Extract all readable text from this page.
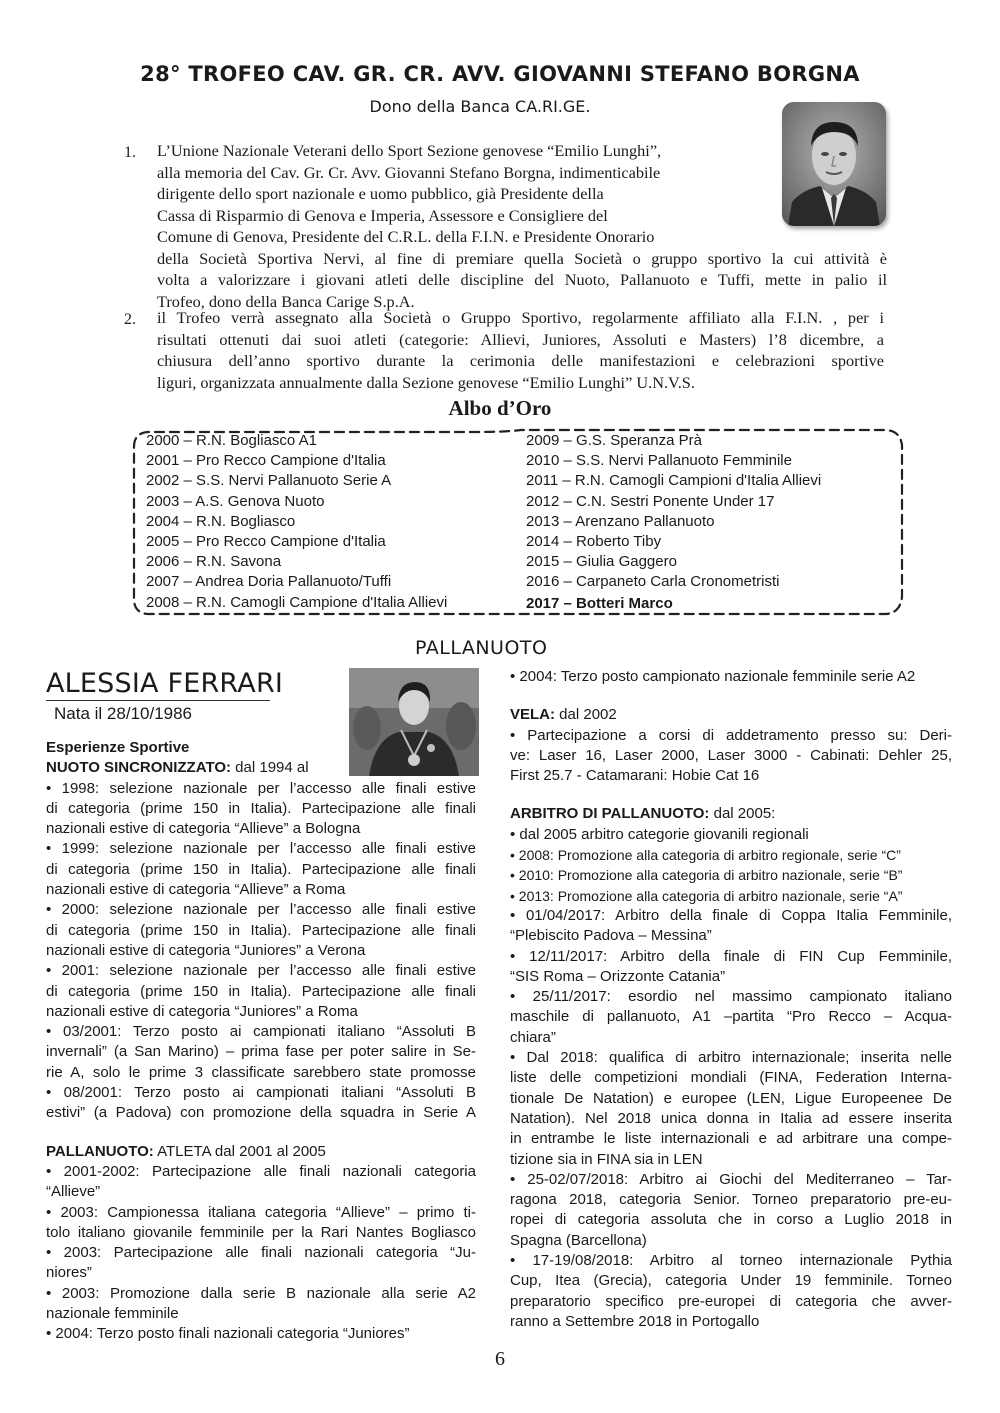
28° TROFEO CAV. GR. CR. AVV. GIOVANNI STEFANO BORGNA
Dono della Banca CA.RI.GE.
1. L’Unione Nazionale Veterani dello Sport Sezione genovese “Emilio Lunghi”,
alla memoria del Cav. Gr. Cr. Avv. Giovanni Stefano Borgna, indimenticabile
dirigente dello sport nazionale e uomo pubblico, già Presidente della
Cassa di Risparmio di Genova e Imperia, Assessore e Consigliere del
Comune di Genova, Presidente del C.R.L. della F.I.N. e Presidente Onorario
della Società Sportiva Nervi, al fine di premiare quella Società o gruppo sportivo la cui attività è
volta a valorizzare i giovani atleti delle discipline del Nuoto, Pallanuoto e Tuffi, mette in palio il
Trofeo, dono della Banca Carige S.p.A.
2. il Trofeo verrà assegnato alla Società o Gruppo Sportivo, regolarmente affiliato alla F.I.N. , per i
risultati ottenuti dai suoi atleti (categorie: Allievi, Juniores, Assoluti e Masters) l’8 dicembre, a
chiusura dell’anno sportivo durante la cerimonia delle manifestazioni e celebrazioni sportive
liguri, organizzata annualmente dalla Sezione genovese “Emilio Lunghi” U.N.V.S.
Albo d’Oro
2000 – R.N. Bogliasco A1
2001 – Pro Recco Campione d'Italia
2002 – S.S. Nervi Pallanuoto Serie A
2003 – A.S. Genova Nuoto
2004 – R.N. Bogliasco
2005 – Pro Recco Campione d'Italia
2006 – R.N. Savona
2007 – Andrea Doria Pallanuoto/Tuffi
2008 – R.N. Camogli Campione d'Italia Allievi
2009 – G.S. Speranza Prà
2010 – S.S. Nervi Pallanuoto Femminile
2011 – R.N. Camogli Campioni d'Italia Allievi
2012 – C.N. Sestri Ponente Under 17
2013 – Arenzano Pallanuoto
2014 – Roberto Tiby
2015 – Giulia Gaggero
2016 – Carpaneto Carla Cronometristi
2017 – Botteri Marco
PALLANUOTO
ALESSIA FERRARI
Nata il 28/10/1986
Esperienze Sportive
NUOTO SINCRONIZZATO: dal 1994 al
• 1998: selezione nazionale per l’accesso alle finali estive
di categoria (prime 150 in Italia). Partecipazione alle finali
nazionali estive di categoria “Allieve” a Bologna
• 1999: selezione nazionale per l’accesso alle finali estive
di categoria (prime 150 in Italia). Partecipazione alle finali
nazionali estive di categoria “Allieve” a Roma
• 2000: selezione nazionale per l’accesso alle finali estive
di categoria (prime 150 in Italia). Partecipazione alle finali
nazionali estive di categoria “Juniores” a Verona
• 2001: selezione nazionale per l’accesso alle finali estive
di categoria (prime 150 in Italia). Partecipazione alle finali
nazionali estive di categoria “Juniores” a Roma
• 03/2001: Terzo posto ai campionati italiano “Assoluti B
invernali” (a San Marino) – prima fase per poter salire in Se-
rie A, solo le prime 3 classificate sarebbero state promosse
• 08/2001: Terzo posto ai campionati italiani “Assoluti B
estivi” (a Padova) con promozione della squadra in Serie A
PALLANUOTO: ATLETA dal 2001 al 2005
• 2001-2002: Partecipazione alle finali nazionali categoria
“Allieve”
• 2003: Campionessa italiana categoria “Allieve” – primo ti-
tolo italiano giovanile femminile per la Rari Nantes Bogliasco
• 2003: Partecipazione alle finali nazionali categoria “Ju-
niores”
• 2003: Promozione dalla serie B nazionale alla serie A2
nazionale femminile
• 2004: Terzo posto finali nazionali categoria “Juniores”
• 2004: Terzo posto campionato nazionale femminile serie A2
VELA: dal 2002
• Partecipazione a corsi di addetramento presso su: Deri-
ve: Laser 16, Laser 2000, Laser 3000 - Cabinati: Dehler 25,
First 25.7 - Catamarani: Hobie Cat 16
ARBITRO DI PALLANUOTO: dal 2005:
• dal 2005 arbitro categorie giovanili regionali
• 2008: Promozione alla categoria di arbitro regionale, serie “C”
• 2010: Promozione alla categoria di arbitro nazionale, serie “B”
• 2013: Promozione alla categoria di arbitro nazionale, serie “A”
• 01/04/2017: Arbitro della finale di Coppa Italia Femminile,
“Plebiscito Padova – Messina”
• 12/11/2017: Arbitro della finale di FIN Cup Femminile,
“SIS Roma – Orizzonte Catania”
• 25/11/2017: esordio nel massimo campionato italiano
maschile di pallanuoto, A1 –partita “Pro Recco – Acqua-
chiara”
• Dal 2018: qualifica di arbitro internazionale; inserita nelle
liste delle competizioni mondiali (FINA, Federation Interna-
tionale De Natation) e europee (LEN, Ligue Europeenee De
Natation). Nel 2018 unica donna in Italia ad essere inserita
in entrambe le liste internazionali e ad arbitrare una compe-
tizione sia in FINA sia in LEN
• 25-02/07/2018: Arbitro ai Giochi del Mediterraneo – Tar-
ragona 2018, categoria Senior. Torneo preparatorio pre-eu-
ropei di categoria assoluta che in corso a Luglio 2018 in
Spagna (Barcellona)
• 17-19/08/2018: Arbitro al torneo internazionale Pythia
Cup, Itea (Grecia), categoria Under 19 femminile. Torneo
preparatorio specifico pre-europei di categoria che avver-
ranno a Settembre 2018 in Portogallo
6
